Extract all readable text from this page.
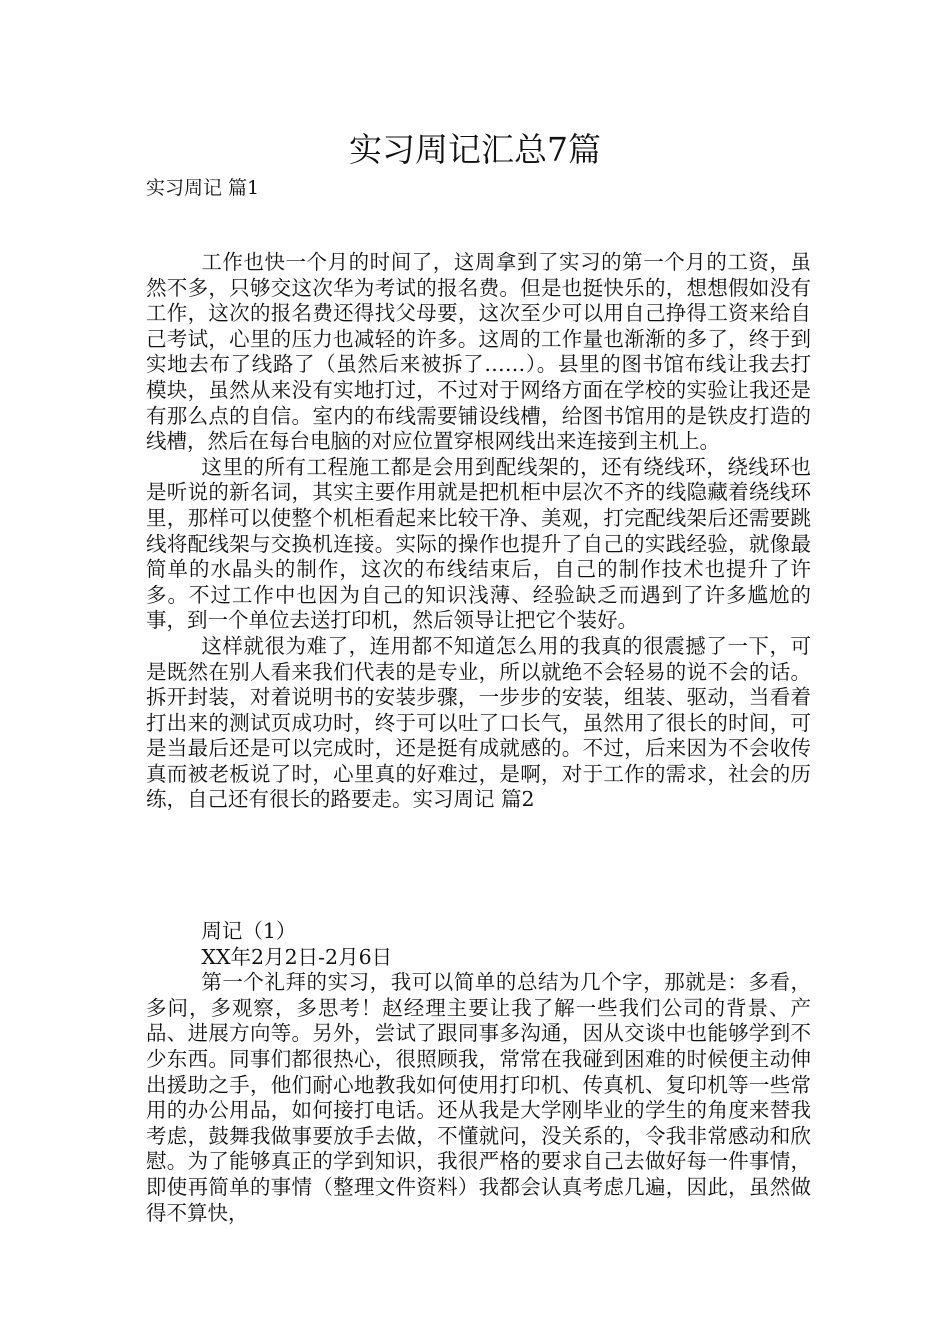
实习周记汇总7篇
实习周记 篇1

工作也快一个月的时间了，这周拿到了实习的第一个月的工资，虽然不多，只够交这次华为考试的报名费。但是也挺快乐的，想想假如没有工作，这次的报名费还得找父母要，这次至少可以用自己挣得工资来给自己考试，心里的压力也减轻的许多。这周的工作量也渐渐的多了，终于到实地去布了线路了（虽然后来被拆了……）。县里的图书馆布线让我去打模块，虽然从来没有实地打过，不过对于网络方面在学校的实验让我还是有那么点的自信。室内的布线需要铺设线槽，给图书馆用的是铁皮打造的线槽，然后在每台电脑的对应位置穿根网线出来连接到主机上。

这里的所有工程施工都是会用到配线架的，还有绕线环，绕线环也是听说的新名词，其实主要作用就是把机柜中层次不齐的线隐藏着绕线环里，那样可以使整个机柜看起来比较干净、美观，打完配线架后还需要跳线将配线架与交换机连接。实际的操作也提升了自己的实践经验，就像最简单的水晶头的制作，这次的布线结束后，自己的制作技术也提升了许多。不过工作中也因为自己的知识浅薄、经验缺乏而遇到了许多尴尬的事，到一个单位去送打印机，然后领导让把它个装好。

这样就很为难了，连用都不知道怎么用的我真的很震撼了一下，可是既然在别人看来我们代表的是专业，所以就绝不会轻易的说不会的话。拆开封装，对着说明书的安装步骤，一步步的安装，组装、驱动，当看着打出来的测试页成功时，终于可以吐了口长气，虽然用了很长的时间，可是当最后还是可以完成时，还是挺有成就感的。不过，后来因为不会收传真而被老板说了时，心里真的好难过，是啊，对于工作的需求，社会的历练，自己还有很长的路要走。实习周记 篇2

周记（1）

XX年2月2日-2月6日

第一个礼拜的实习，我可以简单的总结为几个字，那就是：多看，多问，多观察，多思考！赵经理主要让我了解一些我们公司的背景、产品、进展方向等。另外，尝试了跟同事多沟通，因从交谈中也能够学到不少东西。同事们都很热心，很照顾我，常常在我碰到困难的时候便主动伸出援助之手，他们耐心地教我如何使用打印机、传真机、复印机等一些常用的办公用品，如何接打电话。还从我是大学刚毕业的学生的角度来替我考虑，鼓舞我做事要放手去做，不懂就问，没关系的，令我非常感动和欣慰。为了能够真正的学到知识，我很严格的要求自己去做好每一件事情，即使再简单的事情（整理文件资料）我都会认真考虑几遍，因此，虽然做得不算快，
